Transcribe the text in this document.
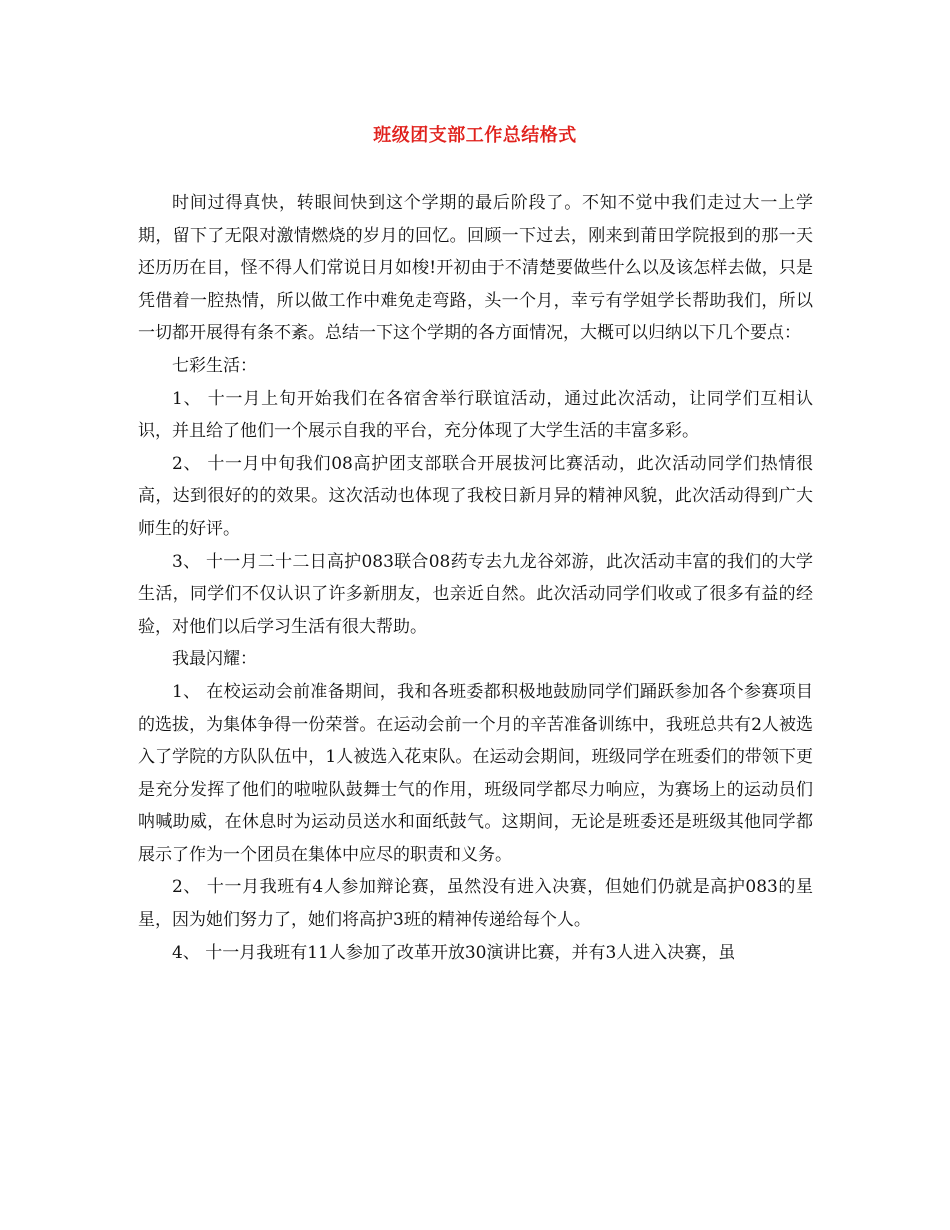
班级团支部工作总结格式

时间过得真快，转眼间快到这个学期的最后阶段了。不知不觉中我们走过大一上学期，留下了无限对激情燃烧的岁月的回忆。回顾一下过去，刚来到莆田学院报到的那一天还历历在目，怪不得人们常说日月如梭!开初由于不清楚要做些什么以及该怎样去做，只是凭借着一腔热情，所以做工作中难免走弯路，头一个月，幸亏有学姐学长帮助我们，所以一切都开展得有条不紊。总结一下这个学期的各方面情况，大概可以归纳以下几个要点：

七彩生活：

1、 十一月上旬开始我们在各宿舍举行联谊活动，通过此次活动，让同学们互相认识，并且给了他们一个展示自我的平台，充分体现了大学生活的丰富多彩。

2、 十一月中旬我们08高护团支部联合开展拔河比赛活动，此次活动同学们热情很高，达到很好的的效果。这次活动也体现了我校日新月异的精神风貌，此次活动得到广大师生的好评。

3、 十一月二十二日高护083联合08药专去九龙谷郊游，此次活动丰富的我们的大学生活，同学们不仅认识了许多新朋友，也亲近自然。此次活动同学们收或了很多有益的经验，对他们以后学习生活有很大帮助。

我最闪耀：

1、 在校运动会前准备期间，我和各班委都积极地鼓励同学们踊跃参加各个参赛项目的选拔，为集体争得一份荣誉。在运动会前一个月的辛苦准备训练中，我班总共有2人被选入了学院的方队队伍中，1人被选入花束队。在运动会期间，班级同学在班委们的带领下更是充分发挥了他们的啦啦队鼓舞士气的作用，班级同学都尽力响应，为赛场上的运动员们呐喊助威，在休息时为运动员送水和面纸鼓气。这期间，无论是班委还是班级其他同学都展示了作为一个团员在集体中应尽的职责和义务。

2、 十一月我班有4人参加辩论赛，虽然没有进入决赛，但她们仍就是高护083的星星，因为她们努力了，她们将高护3班的精神传递给每个人。

4、 十一月我班有11人参加了改革开放30演讲比赛，并有3人进入决赛，虽
